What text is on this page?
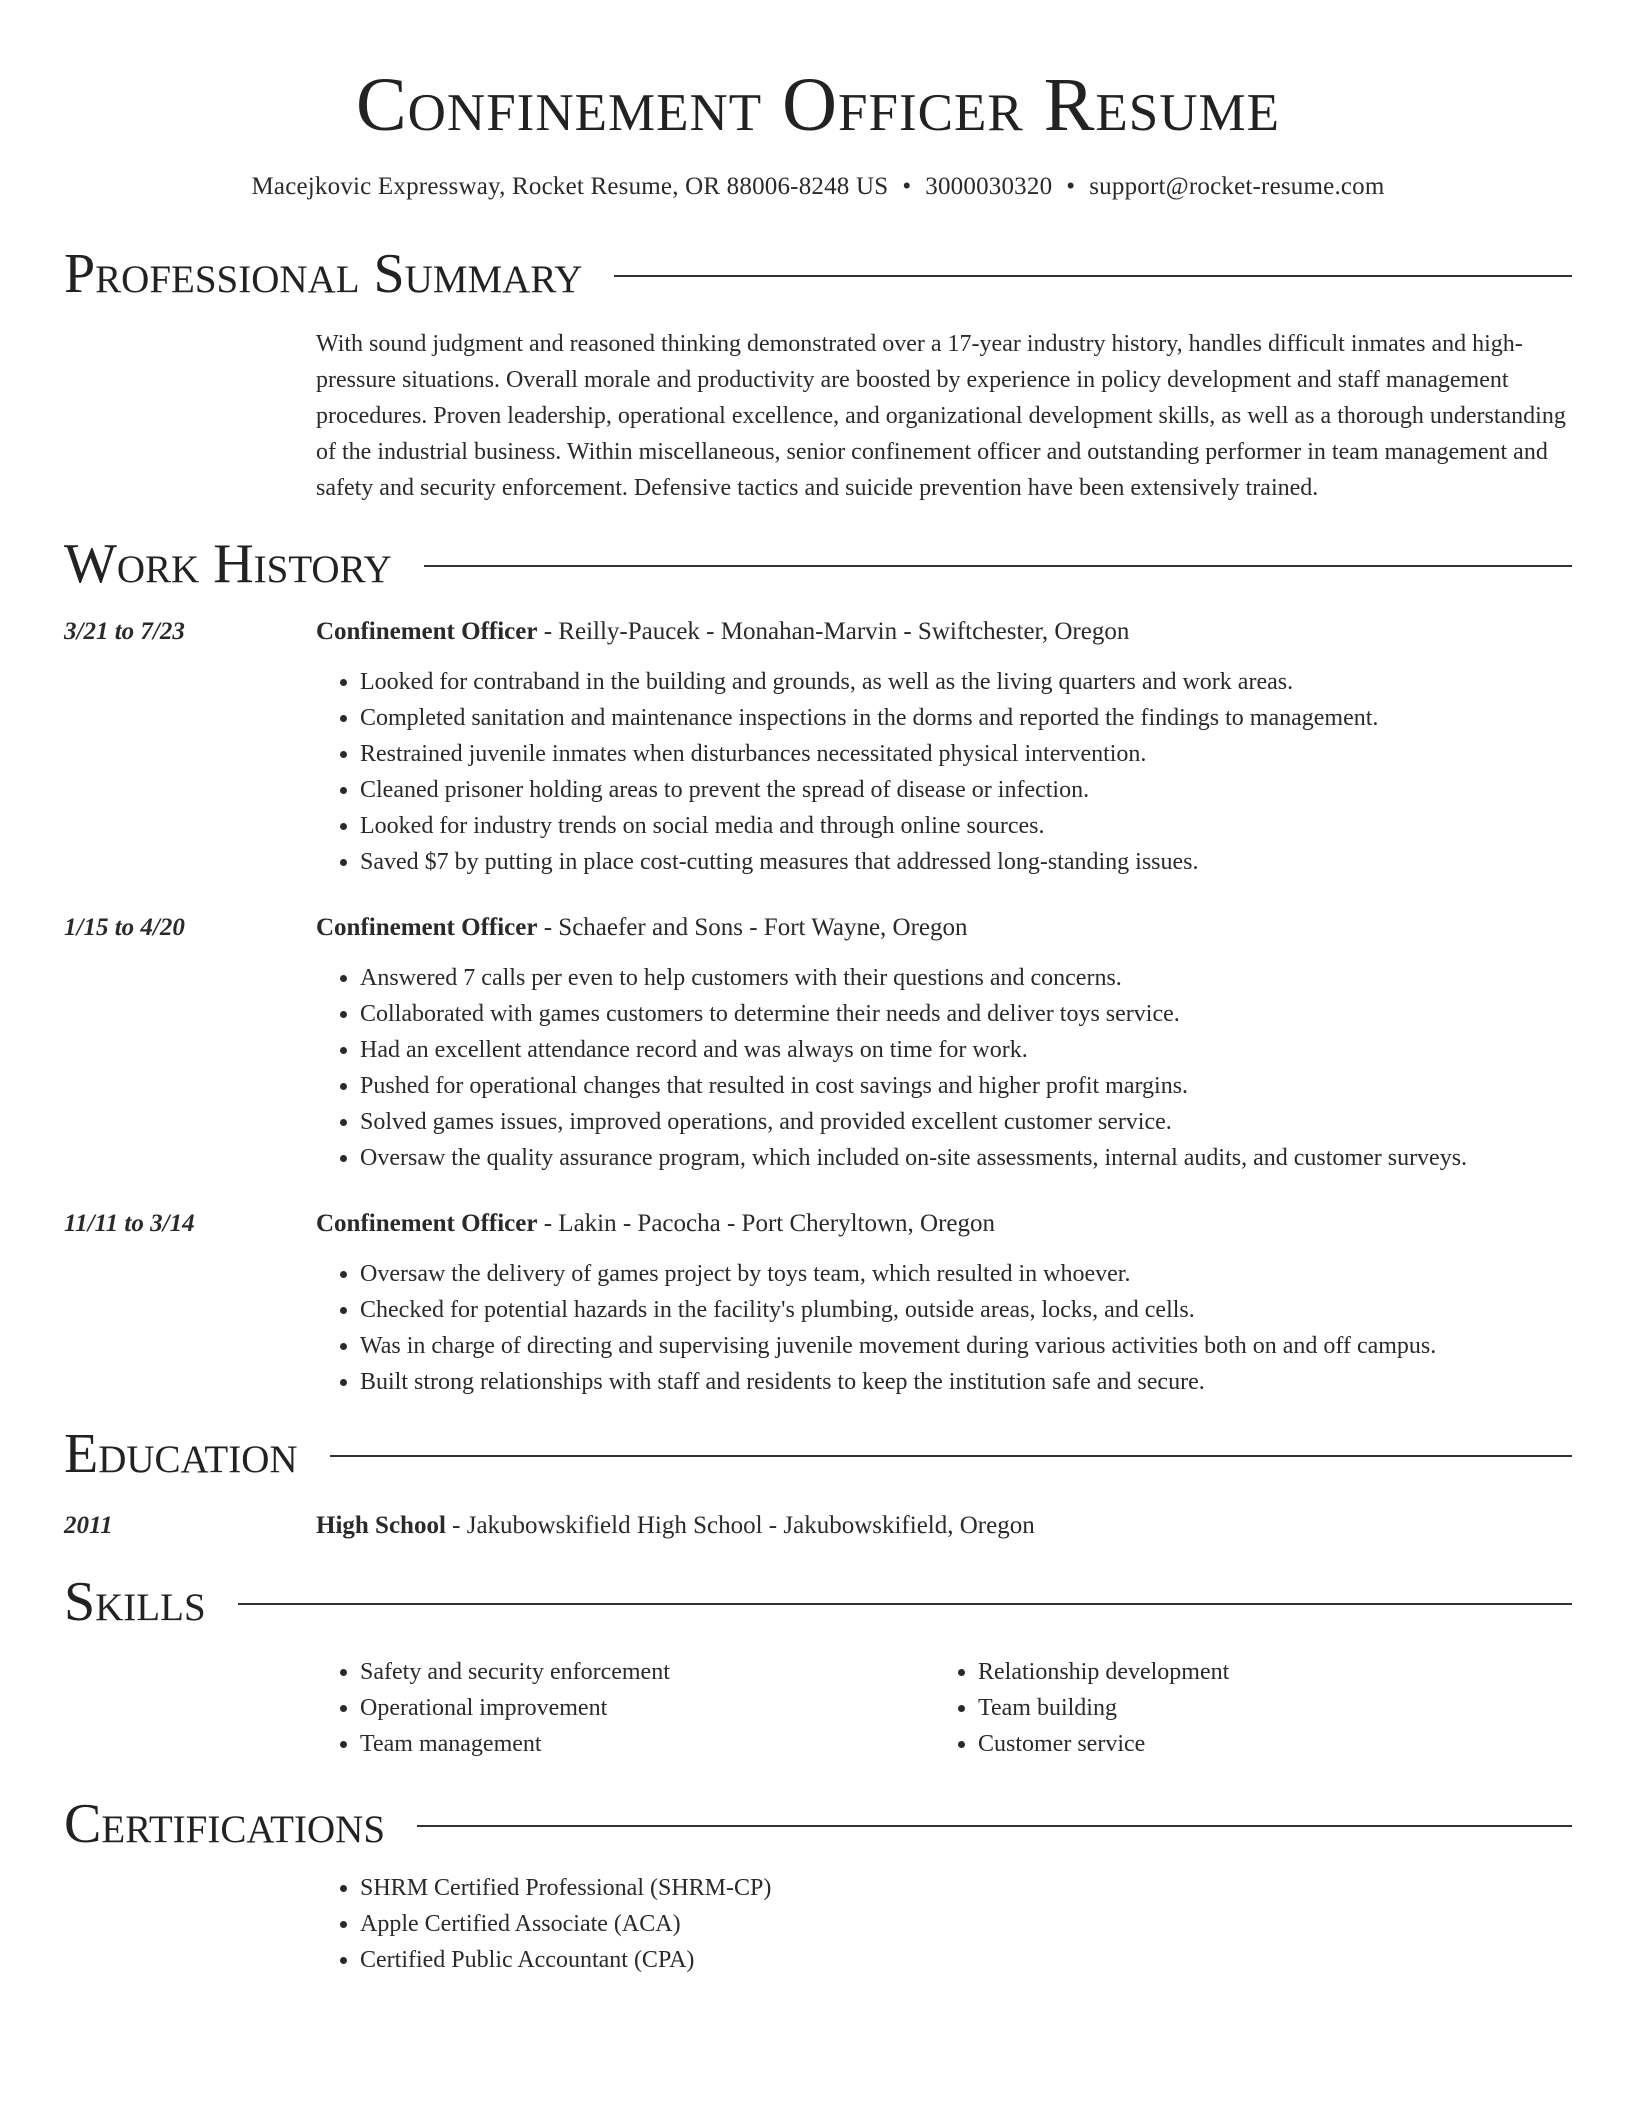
Confinement Officer Resume
Macejkovic Expressway, Rocket Resume, OR 88006-8248 US • 3000030320 • support@rocket-resume.com
Professional Summary
With sound judgment and reasoned thinking demonstrated over a 17-year industry history, handles difficult inmates and high-pressure situations. Overall morale and productivity are boosted by experience in policy development and staff management procedures. Proven leadership, operational excellence, and organizational development skills, as well as a thorough understanding of the industrial business. Within miscellaneous, senior confinement officer and outstanding performer in team management and safety and security enforcement. Defensive tactics and suicide prevention have been extensively trained.
Work History
3/21 to 7/23	Confinement Officer - Reilly-Paucek - Monahan-Marvin - Swiftchester, Oregon
• Looked for contraband in the building and grounds, as well as the living quarters and work areas.
• Completed sanitation and maintenance inspections in the dorms and reported the findings to management.
• Restrained juvenile inmates when disturbances necessitated physical intervention.
• Cleaned prisoner holding areas to prevent the spread of disease or infection.
• Looked for industry trends on social media and through online sources.
• Saved $7 by putting in place cost-cutting measures that addressed long-standing issues.
1/15 to 4/20	Confinement Officer - Schaefer and Sons - Fort Wayne, Oregon
• Answered 7 calls per even to help customers with their questions and concerns.
• Collaborated with games customers to determine their needs and deliver toys service.
• Had an excellent attendance record and was always on time for work.
• Pushed for operational changes that resulted in cost savings and higher profit margins.
• Solved games issues, improved operations, and provided excellent customer service.
• Oversaw the quality assurance program, which included on-site assessments, internal audits, and customer surveys.
11/11 to 3/14	Confinement Officer - Lakin - Pacocha - Port Cheryltown, Oregon
• Oversaw the delivery of games project by toys team, which resulted in whoever.
• Checked for potential hazards in the facility's plumbing, outside areas, locks, and cells.
• Was in charge of directing and supervising juvenile movement during various activities both on and off campus.
• Built strong relationships with staff and residents to keep the institution safe and secure.
Education
2011	High School - Jakubowskifield High School - Jakubowskifield, Oregon
Skills
• Safety and security enforcement
• Operational improvement
• Team management
• Relationship development
• Team building
• Customer service
Certifications
• SHRM Certified Professional (SHRM-CP)
• Apple Certified Associate (ACA)
• Certified Public Accountant (CPA)
